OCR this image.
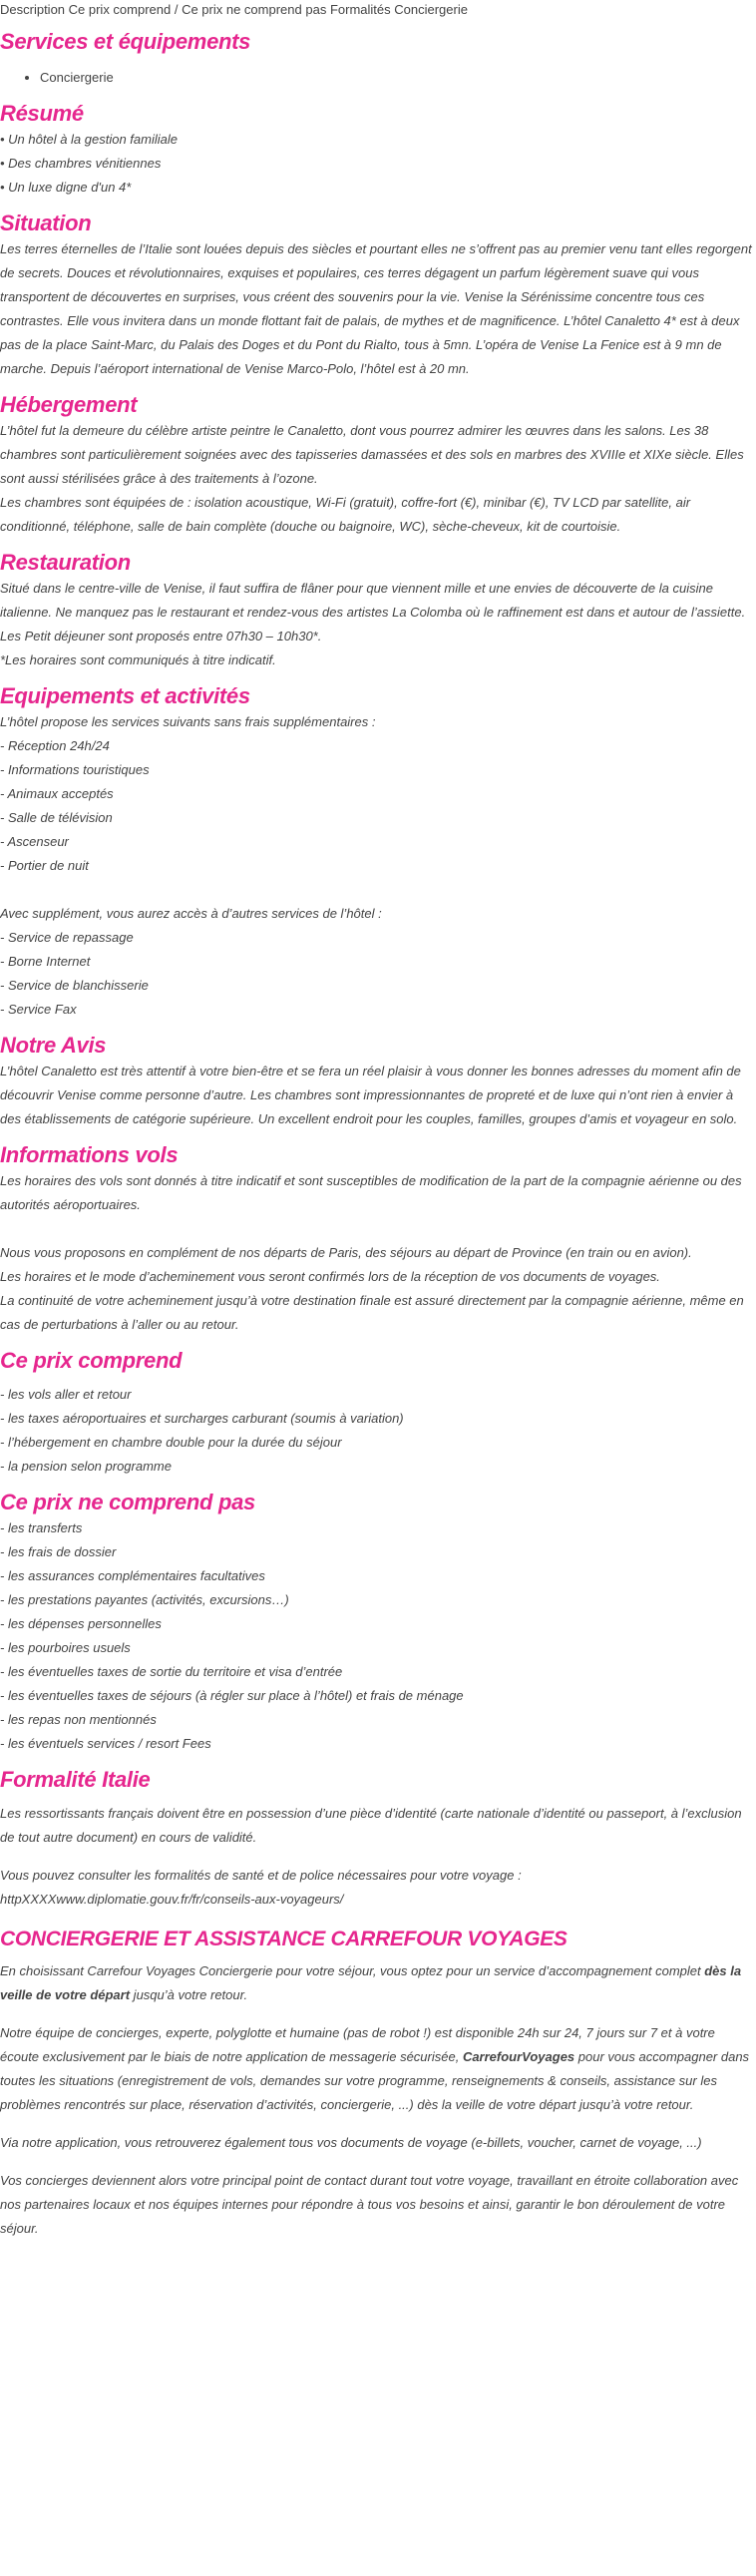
Description Ce prix comprend / Ce prix ne comprend pas Formalités Conciergerie
Services et équipements
• Conciergerie
Résumé
• Un hôtel à la gestion familiale
• Des chambres vénitiennes
• Un luxe digne d'un 4*
Situation

Les terres éternelles de l’Italie sont louées depuis des siècles et pourtant elles ne s’offrent pas au premier venu tant elles regorgent de secrets. Douces et révolutionnaires, exquises et populaires, ces terres dégagent un parfum légèrement suave qui vous transportent de découvertes en surprises, vous créent des souvenirs pour la vie. Venise la Sérénissime concentre tous ces contrastes. Elle vous invitera dans un monde flottant fait de palais, de mythes et de magnificence. L’hôtel Canaletto 4* est à deux pas de la place Saint-Marc, du Palais des Doges et du Pont du Rialto, tous à 5mn. L’opéra de Venise La Fenice est à 9 mn de marche. Depuis l’aéroport international de Venise Marco-Polo, l’hôtel est à 20 mn.

Hébergement
L’hôtel fut la demeure du célèbre artiste peintre le Canaletto, dont vous pourrez admirer les œuvres dans les salons. Les 38 chambres sont particulièrement soignées avec des tapisseries damassées et des sols en marbres des XVIIIe et XIXe siècle. Elles sont aussi stérilisées grâce à des traitements à l’ozone.
Les chambres sont équipées de : isolation acoustique, Wi-Fi (gratuit), coffre-fort (€), minibar (€), TV LCD par satellite, air conditionné, téléphone, salle de bain complète (douche ou baignoire, WC), sèche-cheveux, kit de courtoisie.
Restauration
Situé dans le centre-ville de Venise, il faut suffira de flâner pour que viennent mille et une envies de découverte de la cuisine italienne. Ne manquez pas le restaurant et rendez-vous des artistes La Colomba où le raffinement est dans et autour de l’assiette.
Les Petit déjeuner sont proposés entre 07h30 – 10h30*.
*Les horaires sont communiqués à titre indicatif.
Equipements et activités
L’hôtel propose les services suivants sans frais supplémentaires :
- Réception 24h/24
- Informations touristiques
- Animaux acceptés
- Salle de télévision
- Ascenseur
- Portier de nuit
Avec supplément, vous aurez accès à d’autres services de l’hôtel :
- Service de repassage
- Borne Internet
- Service de blanchisserie
- Service Fax
Notre Avis

L’hôtel Canaletto est très attentif à votre bien-être et se fera un réel plaisir à vous donner les bonnes adresses du moment afin de découvrir Venise comme personne d’autre. Les chambres sont impressionnantes de propreté et de luxe qui n’ont rien à envier à des établissements de catégorie supérieure. Un excellent endroit pour les couples, familles, groupes d’amis et voyageur en solo.

Informations vols
Les horaires des vols sont donnés à titre indicatif et sont susceptibles de modification de la part de la compagnie aérienne ou des autorités aéroportuaires.
Nous vous proposons en complément de nos départs de Paris, des séjours au départ de Province (en train ou en avion).
Les horaires et le mode d’acheminement vous seront confirmés lors de la réception de vos documents de voyages.
La continuité de votre acheminement jusqu’à votre destination finale est assuré directement par la compagnie aérienne, même en cas de perturbations à l’aller ou au retour.
Ce prix comprend
- les vols aller et retour
- les taxes aéroportuaires et surcharges carburant (soumis à variation)
- l’hébergement en chambre double pour la durée du séjour
- la pension selon programme
Ce prix ne comprend pas
- les transferts
- les frais de dossier
- les assurances complémentaires facultatives
- les prestations payantes (activités, excursions…)
- les dépenses personnelles
- les pourboires usuels
- les éventuelles taxes de sortie du territoire et visa d’entrée
- les éventuelles taxes de séjours (à régler sur place à l’hôtel) et frais de ménage
- les repas non mentionnés
- les éventuels services / resort Fees
Formalité Italie

Les ressortissants français doivent être en possession d’une pièce d’identité (carte nationale d’identité ou passeport, à l’exclusion de tout autre document) en cours de validité.

Vous pouvez consulter les formalités de santé et de police nécessaires pour votre voyage :
httpXXXXwww.diplomatie.gouv.fr/fr/conseils-aux-voyageurs/
CONCIERGERIE ET ASSISTANCE CARREFOUR VOYAGES

En choisissant Carrefour Voyages Conciergerie pour votre séjour, vous optez pour un service d’accompagnement complet dès la veille de votre départ jusqu’à votre retour.

Notre équipe de concierges, experte, polyglotte et humaine (pas de robot !) est disponible 24h sur 24, 7 jours sur 7 et à votre écoute exclusivement par le biais de notre application de messagerie sécurisée, CarrefourVoyages pour vous accompagner dans toutes les situations (enregistrement de vols, demandes sur votre programme, renseignements & conseils, assistance sur les problèmes rencontrés sur place, réservation d’activités, conciergerie, ...) dès la veille de votre départ jusqu’à votre retour.

Via notre application, vous retrouverez également tous vos documents de voyage (e-billets, voucher, carnet de voyage, ...)

Vos concierges deviennent alors votre principal point de contact durant tout votre voyage, travaillant en étroite collaboration avec nos partenaires locaux et nos équipes internes pour répondre à tous vos besoins et ainsi, garantir le bon déroulement de votre séjour.
